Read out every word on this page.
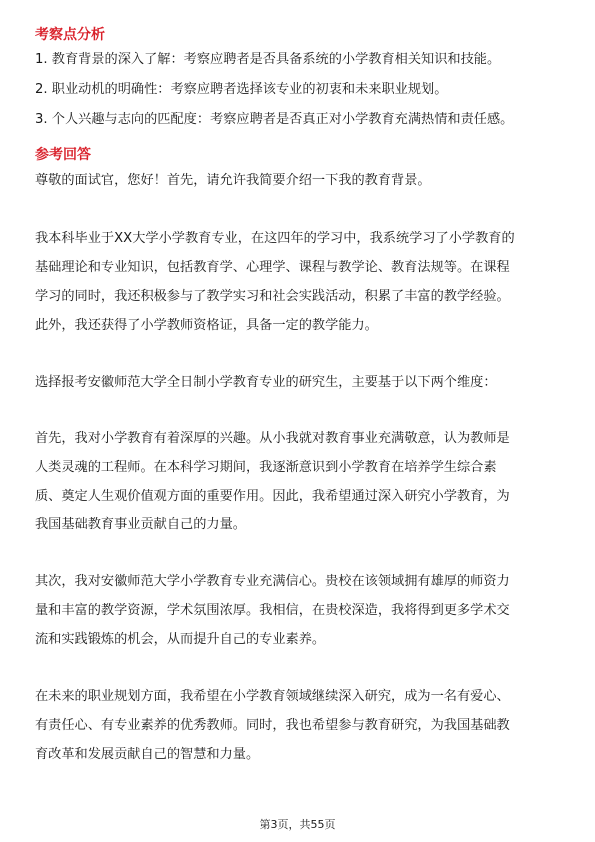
考察点分析
1. 教育背景的深入了解：考察应聘者是否具备系统的小学教育相关知识和技能。
2. 职业动机的明确性：考察应聘者选择该专业的初衷和未来职业规划。
3. 个人兴趣与志向的匹配度：考察应聘者是否真正对小学教育充满热情和责任感。
参考回答
尊敬的面试官，您好！首先，请允许我简要介绍一下我的教育背景。
我本科毕业于XX大学小学教育专业，在这四年的学习中，我系统学习了小学教育的
基础理论和专业知识，包括教育学、心理学、课程与教学论、教育法规等。在课程
学习的同时，我还积极参与了教学实习和社会实践活动，积累了丰富的教学经验。
此外，我还获得了小学教师资格证，具备一定的教学能力。
选择报考安徽师范大学全日制小学教育专业的研究生，主要基于以下两个维度：
首先，我对小学教育有着深厚的兴趣。从小我就对教育事业充满敬意，认为教师是
人类灵魂的工程师。在本科学习期间，我逐渐意识到小学教育在培养学生综合素
质、奠定人生观价值观方面的重要作用。因此，我希望通过深入研究小学教育，为
我国基础教育事业贡献自己的力量。
其次，我对安徽师范大学小学教育专业充满信心。贵校在该领域拥有雄厚的师资力
量和丰富的教学资源，学术氛围浓厚。我相信，在贵校深造，我将得到更多学术交
流和实践锻炼的机会，从而提升自己的专业素养。
在未来的职业规划方面，我希望在小学教育领域继续深入研究，成为一名有爱心、
有责任心、有专业素养的优秀教师。同时，我也希望参与教育研究，为我国基础教
育改革和发展贡献自己的智慧和力量。
第3页，共55页
